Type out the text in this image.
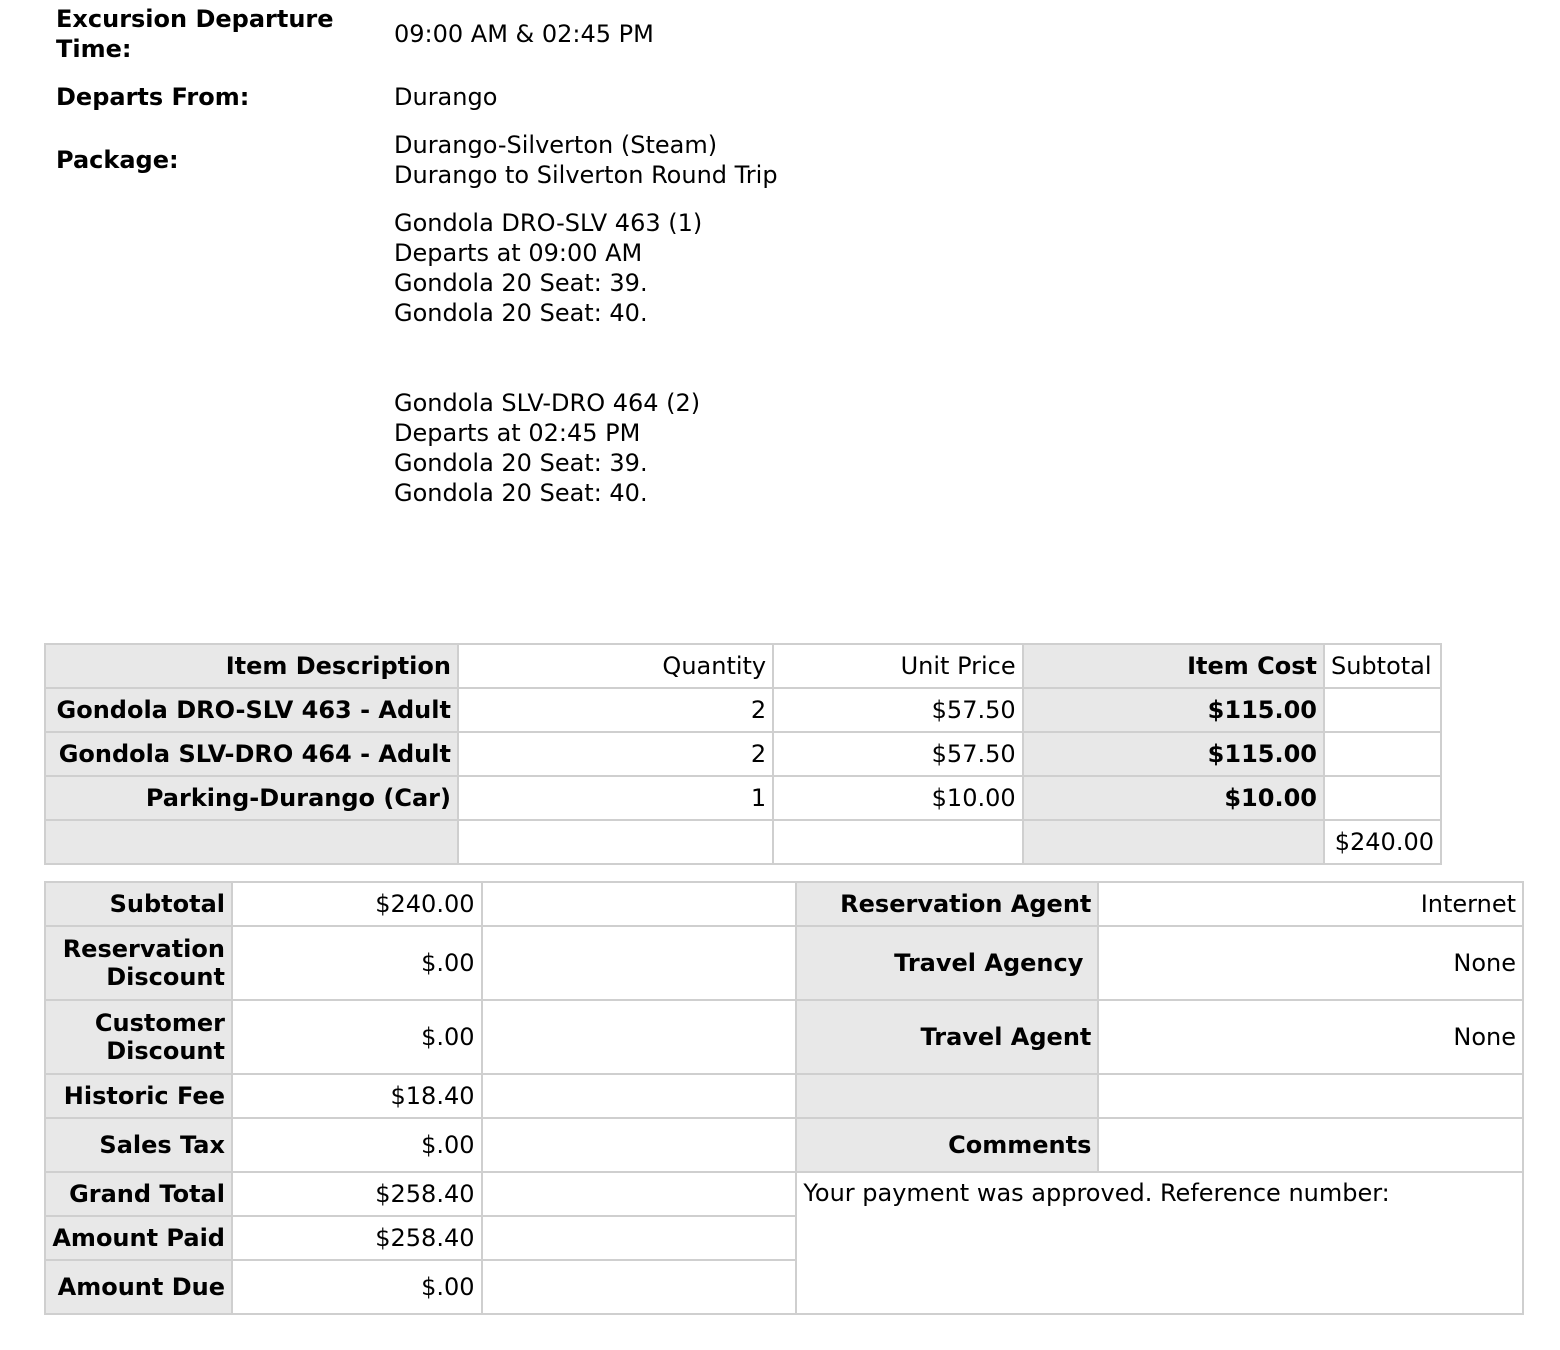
Excursion Departure
Time:
09:00 AM & 02:45 PM
Departs From:	Durango
Package:
Durango-Silverton (Steam)
Durango to Silverton Round Trip
Gondola DRO-SLV 463 (1)
Departs at 09:00 AM
Gondola 20 Seat: 39.
Gondola 20 Seat: 40.
Gondola SLV-DRO 464 (2)
Departs at 02:45 PM
Gondola 20 Seat: 39.
Gondola 20 Seat: 40.
Item Description	Quantity	Unit Price	Item Cost	Subtotal
Gondola DRO-SLV 463 - Adult	2	$57.50	$115.00	
Gondola SLV-DRO 464 - Adult	2	$57.50	$115.00	
Parking-Durango (Car)	1	$10.00	$10.00	
				$240.00
Subtotal	$240.00		Reservation Agent	Internet

Reservation
Discount	$.00		Travel Agency	None

Customer
Discount	$.00		Travel Agent	None
Historic Fee	$18.40			
Sales Tax	$.00		Comments	
Grand Total	$258.40		Your payment was approved. Reference number:	
Amount Paid	$258.40			
Amount Due	$.00			
